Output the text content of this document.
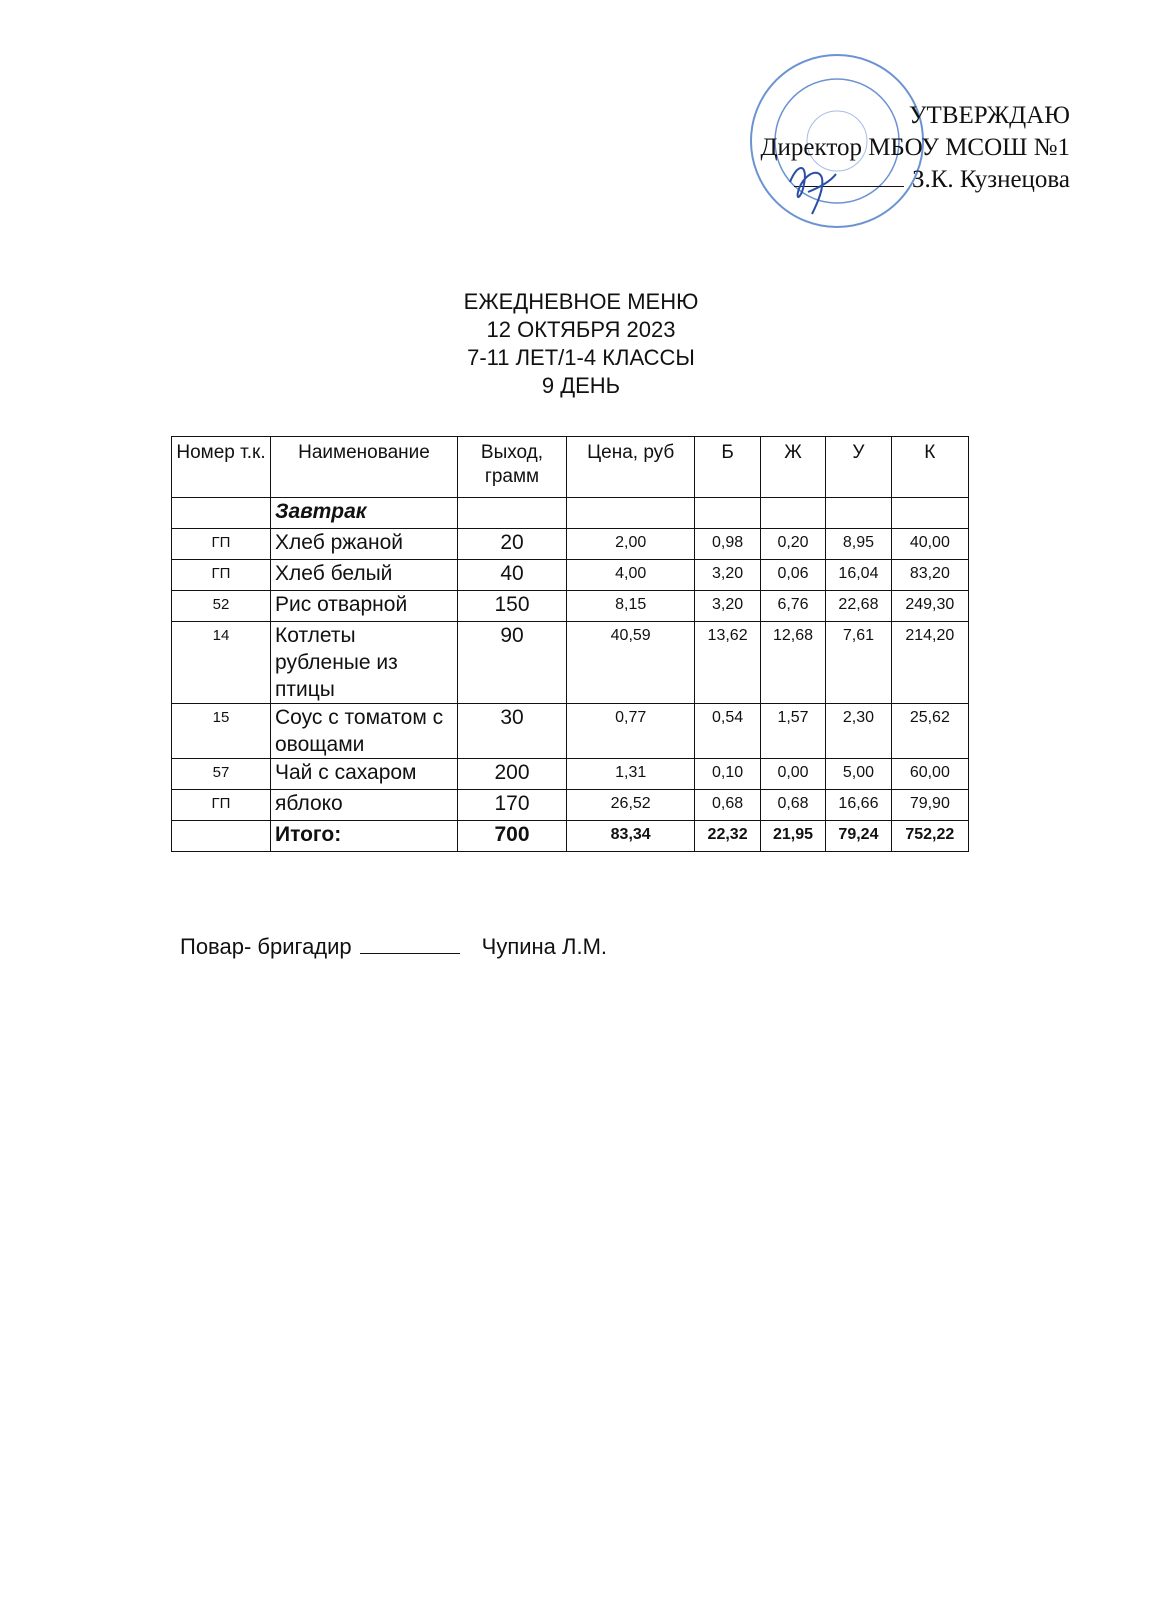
УТВЕРЖДАЮ
Директор МБОУ МСОШ №1
З.К. Кузнецова
ЕЖЕДНЕВНОЕ МЕНЮ
12 ОКТЯБРЯ 2023
7-11 ЛЕТ/1-4 КЛАССЫ
9 ДЕНЬ
Номер т.к.	Наименование	Выход, грамм	Цена, руб	Б	Ж	У	К
	Завтрак						
ГП	Хлеб ржаной	20	2,00	0,98	0,20	8,95	40,00
ГП	Хлеб белый	40	4,00	3,20	0,06	16,04	83,20
52	Рис отварной	150	8,15	3,20	6,76	22,68	249,30
14	Котлеты рубленые из птицы	90	40,59	13,62	12,68	7,61	214,20
15	Соус с томатом с овощами	30	0,77	0,54	1,57	2,30	25,62
57	Чай с сахаром	200	1,31	0,10	0,00	5,00	60,00
ГП	яблоко	170	26,52	0,68	0,68	16,66	79,90
	Итого:	700	83,34	22,32	21,95	79,24	752,22
Повар- бригадир	Чупина Л.М.
